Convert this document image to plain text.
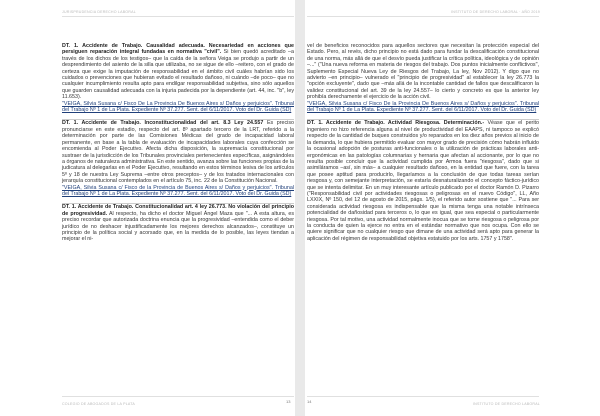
JURISPRUDENCIA DERECHO LABORAL
DT. 1. Accidente de Trabajo. Causalidad adecuada. Necesariedad en acciones que persiguen reparación integral fundadas en normativa "civil". Si bien quedó acreditado –a través de los dichos de los testigos– que la caída de la señora Veiga se produjo a partir de un desprendimiento del asiento de la silla que utilizaba, no se sigue de ello –reitero, con el grado de certeza que exige la imputación de responsabilidad en el ámbito civil cuáles habrían sido los cuidados o prevenciones que hubieran evitado el resultado dañoso, ni cuándo –de poco– que no cualquier incumplimiento resulta apto para endilgar responsabilidad subjetiva, sino sólo aquellos que guarden causalidad adecuada con la injuria padecida por la dependiente (art. 44, inc. "b", ley 11.653).
"VEIGA, Silvia Susana c/ Fisco De La Provincia De Buenos Aires s/ Daños y perjuicios". Tribunal del Trabajo Nº 1 de La Plata. Expediente Nº 37.277. Sent. del 6/11/2017. Voto del Dr. Guida (SD)
DT. 1. Accidente de Trabajo. Inconstitucionalidad del art. 8.3 Ley 24.557 Es preciso pronunciarse en este estadio, respecto del art. 8º apartado tercero de la LRT, referido a la determinación por parte de las Comisiones Médicas del grado de incapacidad laboral permanente, en base a la tabla de evaluación de incapacidades laborales cuya confección se encomienda al Poder Ejecutivo. Afecta dicha disposición, la supremacía constitucional por sustraer de la jurisdicción de los Tribunales provinciales pertenecientes específicas, asignándoles a órganos de naturaleza administrativa. En este sentido, avanza sobre las funciones propias de la judicatura al delegarlas en el Poder Ejecutivo, resultando en estos términos lesiva de los artículos 5º y 18 de nuestra Ley Suprema –entre otros preceptos– y de los tratados internacionales con jerarquía constitucional contemplados en el artículo 75, inc. 22 de la Constitución Nacional.
"VEIGA, Silvia Susana c/ Fisco de la Provincia de Buenos Aires s/ Daños y perjuicios". Tribunal del Trabajo Nº 1 de La Plata. Expediente Nº 37.277. Sent. del 6/11/2017. Voto del Dr. Guida (SD)
DT. 1. Accidente de Trabajo. Constitucionalidad art. 4 ley 26.773. No violación del principio de progresividad. Al respecto, ha dicho el doctor Miguel Ángel Maza que "... A esta altura, es preciso recordar que autorizada doctrina enuncia que la progresividad –entendida como el deber jurídico de no deshacer injustificadamente los mejores derechos alcanzados–, constituye un principio de la política social y acorsado que, en la medida de lo posible, las leyes tiendan a mejorar el ni-
COLEGIO DE ABOGADOS DE LA PLATA	13
INSTITUTO DE DERECHO LABORAL · AÑO 2019
vel de beneficios reconocidos para aquellos sectores que necesitan la protección especial del Estado. Pero, al revés, dicho principio no está dado para fundar la descalificación constitucional de una norma, más allá de que el desvío pueda justificar la crítica política, ideológica y de opinión –..." ("Una nueva reforma en materia de riesgos del trabajo. Dos puntos inicialmente conflictivos", Suplemento Especial Nueva Ley de Riesgos del Trabajo, La ley, Nov 2012). Y digo que no advierto –en principio– vulnerado el "principio de progresividad" al establecer la ley 26.773 la "opción excluyente", dado que –más allá de la incontable cantidad de fallos que descalificaron la validez constitucional del art. 39 de la ley 24.557– lo cierto y concreto es que la anterior ley prohibía derechamente el ejercicio de la acción civil.
"VEIGA, Silvia Susana c/ Fisco De la Provincia De Buenos Aires s/ Daños y perjuicios". Tribunal del Trabajo Nº 1 de La Plata. Expediente Nº 37.277. Sent. del 6/11/2017. Voto del Dr. Guida (SD)
DT. 1. Accidente de Trabajo. Actividad Riesgosa. Determinación.- Véase que el perito ingeniero no hizo referencia alguna al nivel de productividad del EAAPS, ni tampoco se explicó respecto de la cantidad de buques construidos y/o reparados en los diez años previos al inicio de la demanda, lo que hubiera permitido evaluar con mayor grado de precisión cómo habrán influido la ocasional adopción de posturas anti-funcionales o la utilización de prácticas laborales anti-ergonómicas en las patologías columnarias y hernaria que afectan al accionante, por lo que no resulta posible concluir que la actividad cumplida por Armoa fuera "riesgosa", dado que si asimiláramos –así, sin más– a cualquier resultado dañoso, en la entidad que fuere, con la tarea que posee aptitud para producirlo, llegaríamos a la conclusión de que todas tareas serían riesgosa y, con semejante interpretación, se estaría desnaturalizando el concepto fáctico-jurídico que se intenta delimitar. En un muy interesante artículo publicado por el doctor Ramón D. Pizarro ("Responsabilidad civil por actividades riesgosas o peligrosas en el nuevo Código", LL, Año LXXIX, Nº 150, del 12 de agosto de 2015, págs. 1/5), el referido autor sostiene que "... Para ser considerada actividad riesgosa es indispensable que la misma tenga una notable intrínseca potencialidad de dañosidad para terceros o, lo que es igual, que sea especial o particularmente riesgosa. Por tal motivo, una actividad normalmente inocua que se torne riesgosa o peligrosa por la conducta de quien la ejerce no entra en el estándar normativo que nos ocupa. Con ello se quiere significar que no cualquier riesgo que dimane de una actividad será apto para generar la aplicación del régimen de responsabilidad objetiva estatuido por los arts. 1757 y 1758".
14	INSTITUTO DE DERECHO LABORAL
